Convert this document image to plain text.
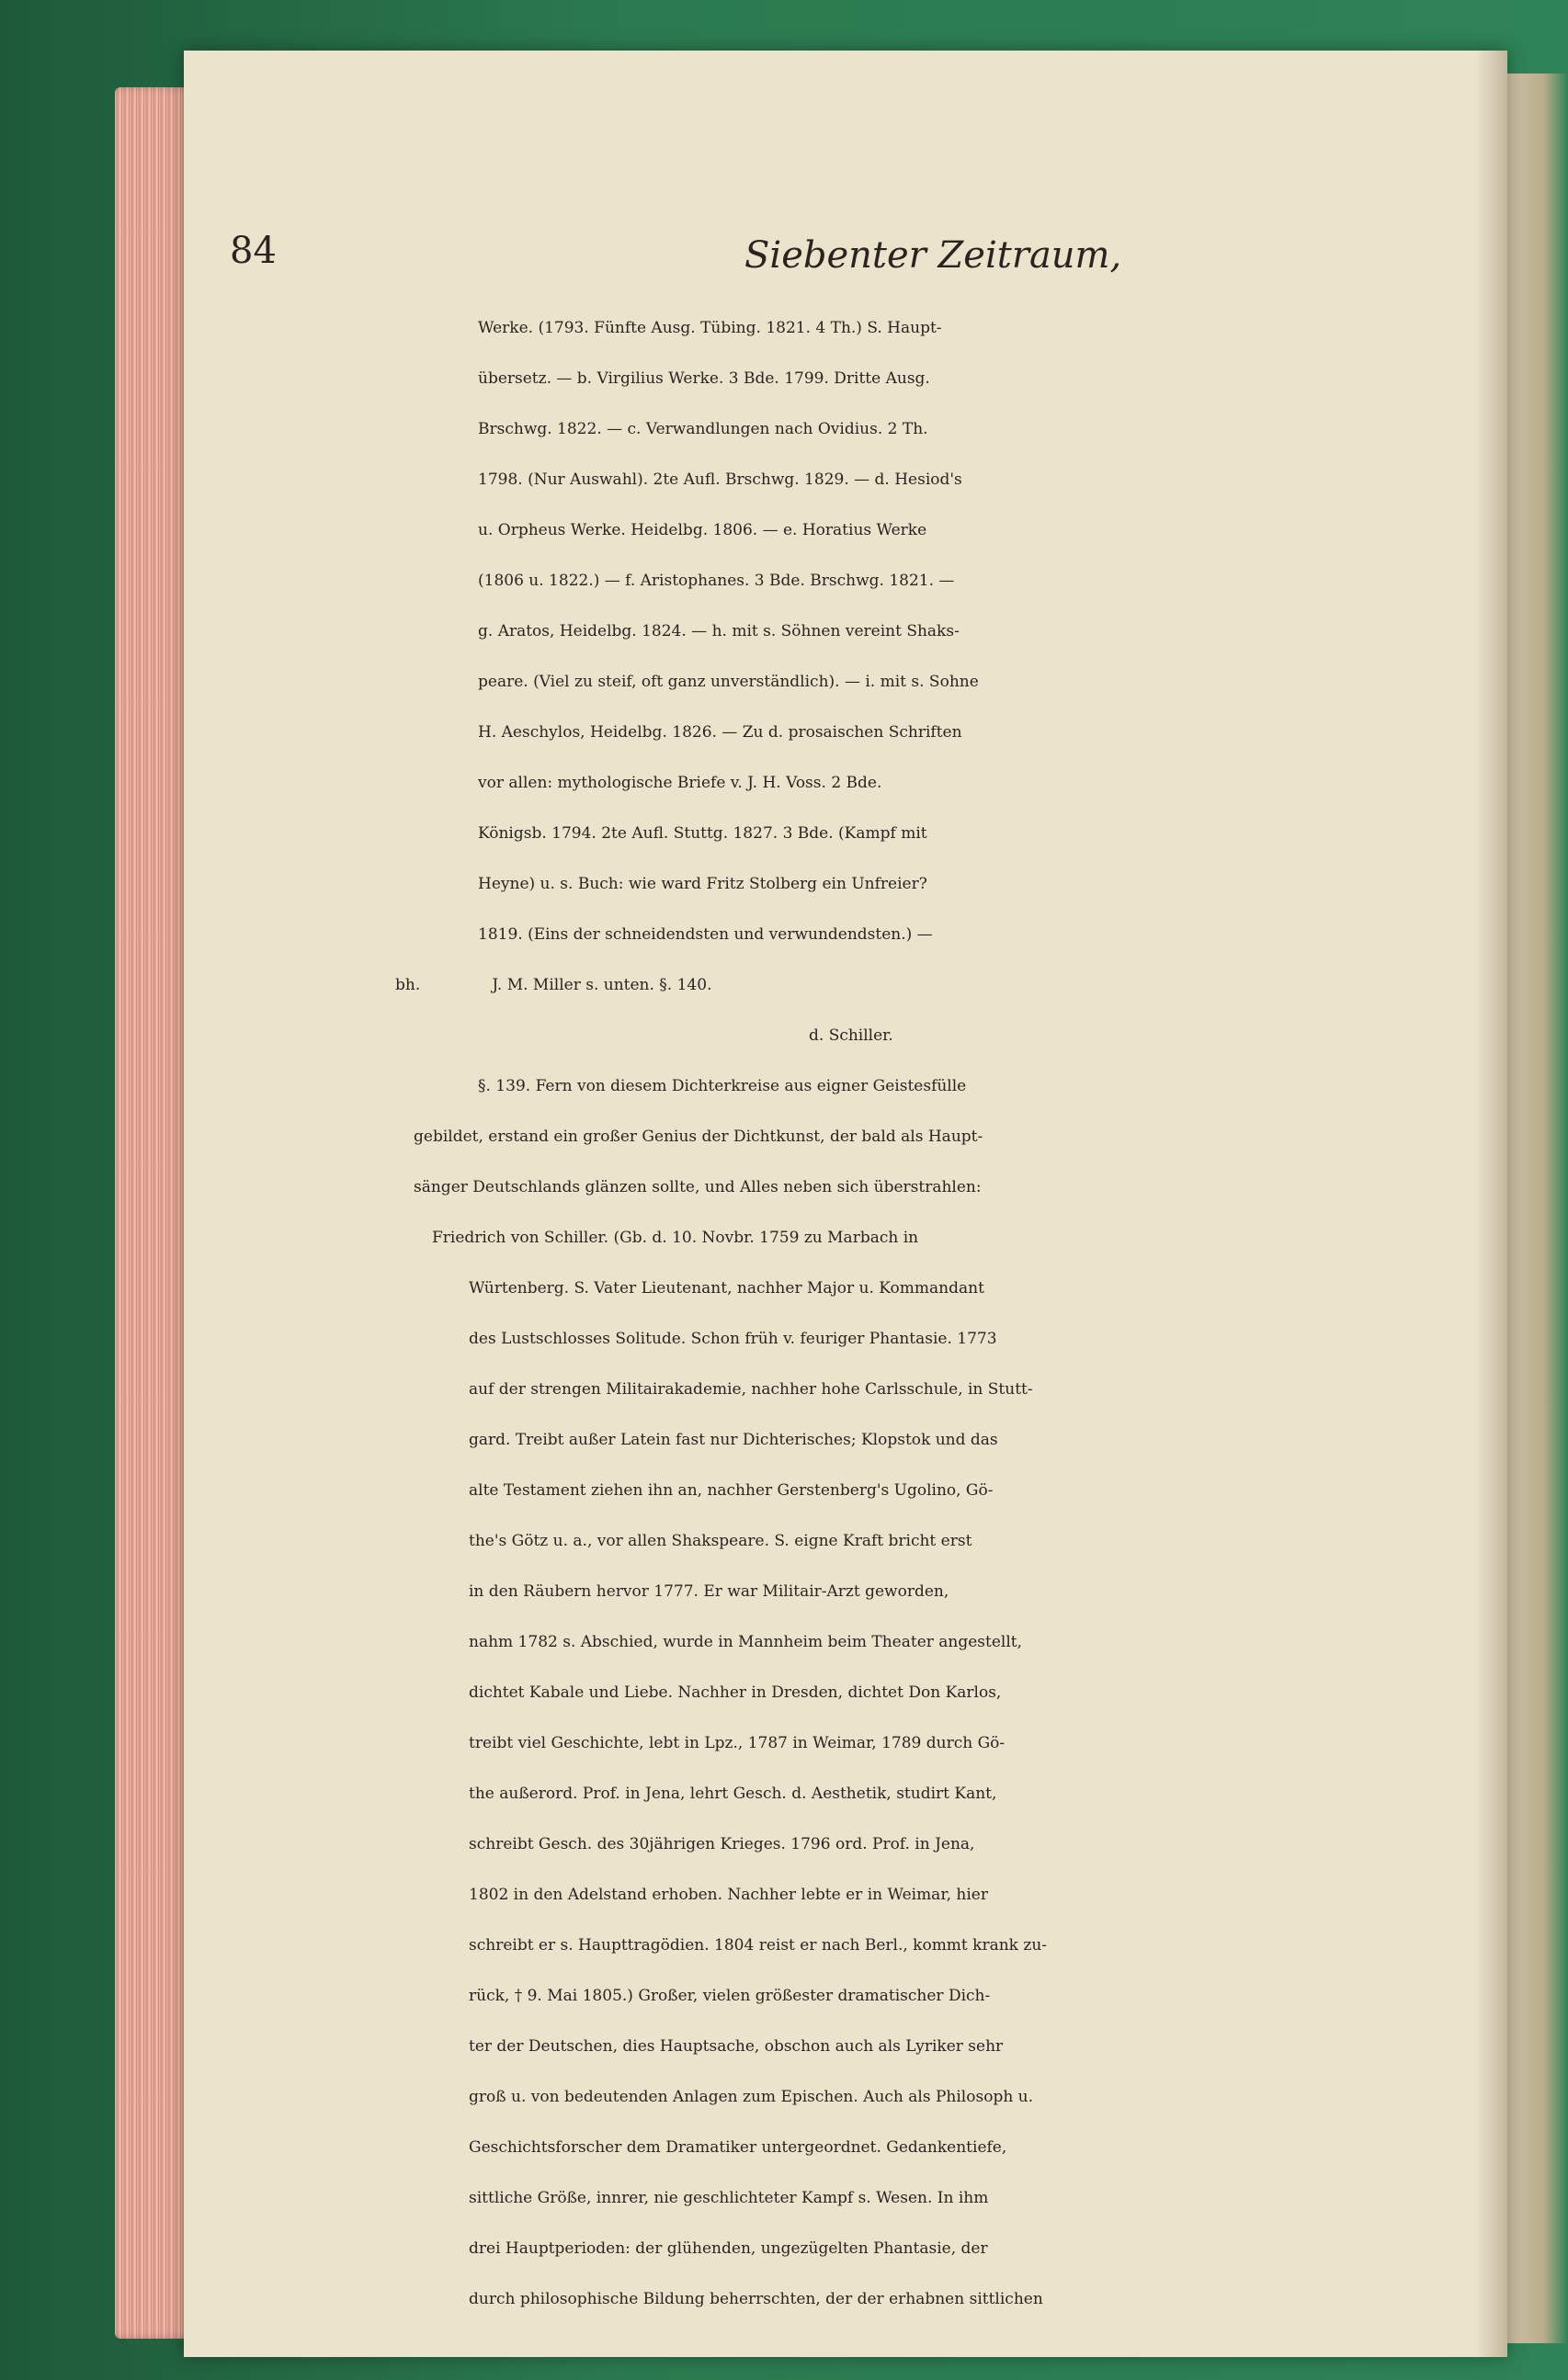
84	Siebenter Zeitraum,
Werke. (1793. Fünfte Ausg. Tübing. 1821. 4 Th.) S. Haupt-
übersetz. — b. Virgilius Werke. 3 Bde. 1799. Dritte Ausg.
Brschwg. 1822. — c. Verwandlungen nach Ovidius. 2 Th.
1798. (Nur Auswahl). 2te Aufl. Brschwg. 1829. — d. Hesiod's
u. Orpheus Werke. Heidelbg. 1806. — e. Horatius Werke
(1806 u. 1822.) — f. Aristophanes. 3 Bde. Brschwg. 1821. —
g. Aratos, Heidelbg. 1824. — h. mit s. Söhnen vereint Shaks-
peare. (Viel zu steif, oft ganz unverständlich). — i. mit s. Sohne
H. Aeschylos, Heidelbg. 1826. — Zu d. prosaischen Schriften
vor allen: mythologische Briefe v. J. H. Voss. 2 Bde.
Königsb. 1794. 2te Aufl. Stuttg. 1827. 3 Bde. (Kampf mit
Heyne) u. s. Buch: wie ward Fritz Stolberg ein Unfreier?
1819. (Eins der schneidendsten und verwundendsten.) —
bh.	J. M. Miller s. unten. §. 140.
d. Schiller.
§. 139. Fern von diesem Dichterkreise aus eigner Geistesfülle
gebildet, erstand ein großer Genius der Dichtkunst, der bald als Haupt-
sänger Deutschlands glänzen sollte, und Alles neben sich überstrahlen:
Friedrich von Schiller. (Gb. d. 10. Novbr. 1759 zu Marbach in
Würtenberg. S. Vater Lieutenant, nachher Major u. Kommandant
des Lustschlosses Solitude. Schon früh v. feuriger Phantasie. 1773
auf der strengen Militairakademie, nachher hohe Carlsschule, in Stutt-
gard. Treibt außer Latein fast nur Dichterisches; Klopstok und das
alte Testament ziehen ihn an, nachher Gerstenberg's Ugolino, Gö-
the's Götz u. a., vor allen Shakspeare. S. eigne Kraft bricht erst
in den Räubern hervor 1777. Er war Militair-Arzt geworden,
nahm 1782 s. Abschied, wurde in Mannheim beim Theater angestellt,
dichtet Kabale und Liebe. Nachher in Dresden, dichtet Don Karlos,
treibt viel Geschichte, lebt in Lpz., 1787 in Weimar, 1789 durch Gö-
the außerord. Prof. in Jena, lehrt Gesch. d. Aesthetik, studirt Kant,
schreibt Gesch. des 30jährigen Krieges. 1796 ord. Prof. in Jena,
1802 in den Adelstand erhoben. Nachher lebte er in Weimar, hier
schreibt er s. Haupttragödien. 1804 reist er nach Berl., kommt krank zu-
rück, † 9. Mai 1805.) Großer, vielen größester dramatischer Dich-
ter der Deutschen, dies Hauptsache, obschon auch als Lyriker sehr
groß u. von bedeutenden Anlagen zum Epischen. Auch als Philosoph u.
Geschichtsforscher dem Dramatiker untergeordnet. Gedankentiefe,
sittliche Größe, innrer, nie geschlichteter Kampf s. Wesen. In ihm
drei Hauptperioden: der glühenden, ungezügelten Phantasie, der
durch philosophische Bildung beherrschten, der der erhabnen sittlichen
